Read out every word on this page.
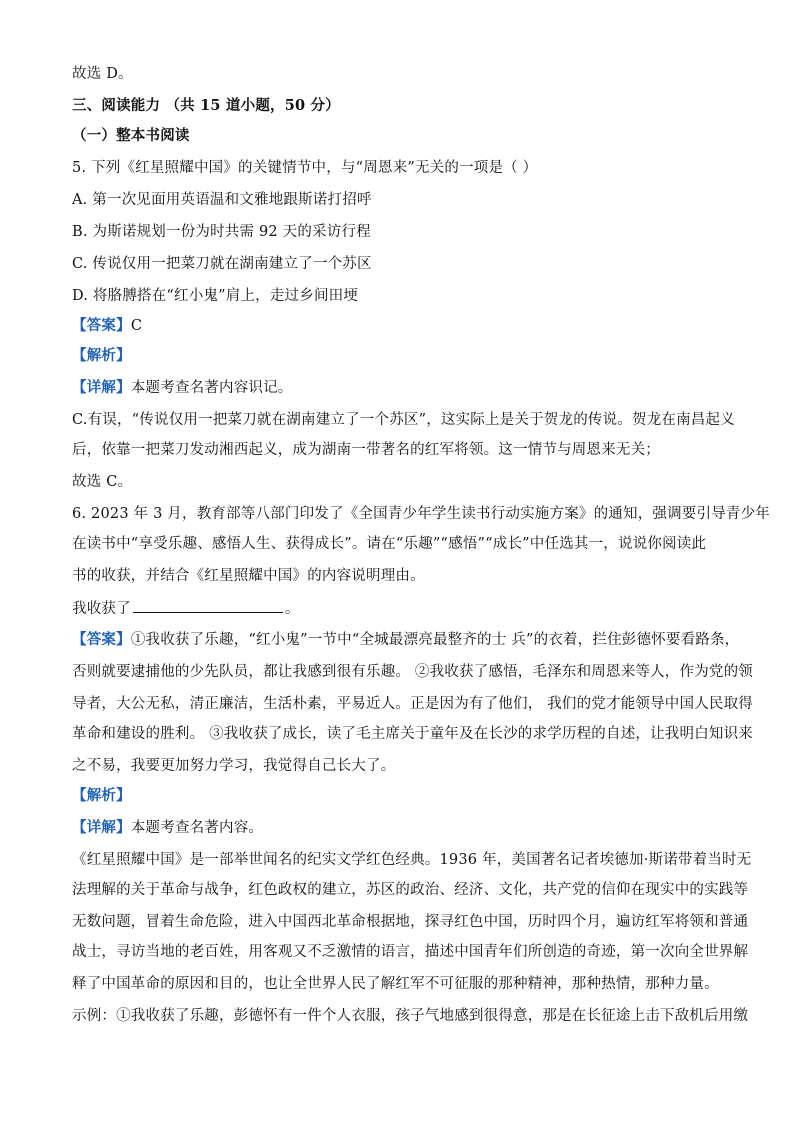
故选 D。
三、阅读能力 （共 15 道小题，50 分）
（一）整本书阅读
5. 下列《红星照耀中国》的关键情节中，与“周恩来”无关的一项是（ ）
A. 第一次见面用英语温和文雅地跟斯诺打招呼
B. 为斯诺规划一份为时共需 92 天的采访行程
C. 传说仅用一把菜刀就在湖南建立了一个苏区
D. 将胳膊搭在“红小鬼”肩上，走过乡间田埂
【答案】C
【解析】
【详解】本题考查名著内容识记。
C.有误，“传说仅用一把菜刀就在湖南建立了一个苏区”，这实际上是关于贺龙的传说。贺龙在南昌起义
后，依靠一把菜刀发动湘西起义，成为湖南一带著名的红军将领。这一情节与周恩来无关；
故选 C。
6. 2023 年 3 月，教育部等八部门印发了《全国青少年学生读书行动实施方案》的通知，强调要引导青少年
在读书中“享受乐趣、感悟人生、获得成长”。请在“乐趣”“感悟”“成长”中任选其一，说说你阅读此
书的收获，并结合《红星照耀中国》的内容说明理由。
我收获了	。
【答案】①我收获了乐趣，“红小鬼”一节中“全城最漂亮最整齐的士 兵”的衣着，拦住彭德怀要看路条，
否则就要逮捕他的少先队员，都让我感到很有乐趣。 ②我收获了感悟，毛泽东和周恩来等人，作为党的领
导者，大公无私，清正廉洁，生活朴素，平易近人。正是因为有了他们， 我们的党才能领导中国人民取得
革命和建设的胜利。 ③我收获了成长，读了毛主席关于童年及在长沙的求学历程的自述，让我明白知识来
之不易，我要更加努力学习，我觉得自己长大了。
【解析】
【详解】本题考查名著内容。
《红星照耀中国》是一部举世闻名的纪实文学红色经典。1936 年，美国著名记者埃德加·斯诺带着当时无
法理解的关于革命与战争，红色政权的建立，苏区的政治、经济、文化，共产党的信仰在现实中的实践等
无数问题，冒着生命危险，进入中国西北革命根据地，探寻红色中国，历时四个月，遍访红军将领和普通
战士，寻访当地的老百姓，用客观又不乏激情的语言，描述中国青年们所创造的奇迹，第一次向全世界解
释了中国革命的原因和目的，也让全世界人民了解红军不可征服的那种精神，那种热情，那种力量。
示例：①我收获了乐趣，彭德怀有一件个人衣服，孩子气地感到很得意，那是在长征途上击下敌机后用缴
